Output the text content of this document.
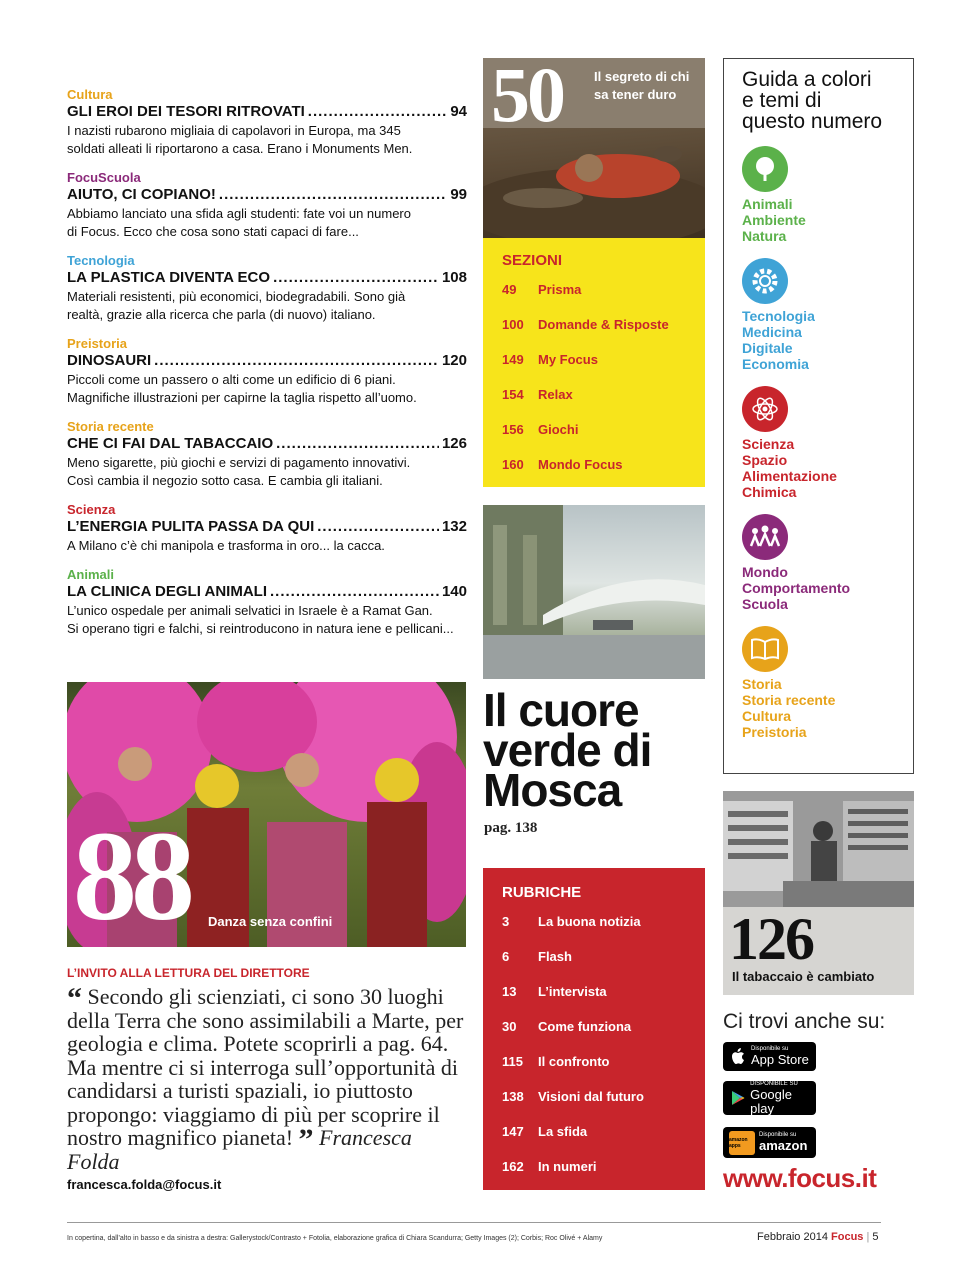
Cultura
GLI EROI DEI TESORI RITROVATI .....	94
I nazisti rubarono migliaia di capolavori in Europa, ma 345
soldati alleati li riportarono a casa. Erano i Monuments Men.
FocuScuola
AIUTO, CI COPIANO! .....	99
Abbiamo lanciato una sfida agli studenti: fate voi un numero
di Focus. Ecco che cosa sono stati capaci di fare...
Tecnologia
LA PLASTICA DIVENTA ECO .....	108
Materiali resistenti, più economici, biodegradabili. Sono già
realtà, grazie alla ricerca che parla (di nuovo) italiano.
Preistoria
DINOSAURI .....	120
Piccoli come un passero o alti come un edificio di 6 piani.
Magnifiche illustrazioni per capirne la taglia rispetto all’uomo.
Storia recente
CHE CI FAI DAL TABACCAIO .....	126
Meno sigarette, più giochi e servizi di pagamento innovativi.
Così cambia il negozio sotto casa. E cambia gli italiani.
Scienza
L’ENERGIA PULITA PASSA DA QUI .....	132
A Milano c’è chi manipola e trasforma in oro... la cacca.
Animali
LA CLINICA DEGLI ANIMALI .....	140
L’unico ospedale per animali selvatici in Israele è a Ramat Gan.
Si operano tigri e falchi, si reintroducono in natura iene e pellicani...
88 Danza senza confini
L’INVITO ALLA LETTURA DEL DIRETTORE
“ Secondo gli scienziati, ci sono 30 luoghi della Terra che sono assimilabili a Marte, per geologia e clima. Potete scoprirli a pag. 64. Ma mentre ci si interroga sull’opportunità di candidarsi a turisti spaziali, io piuttosto propongo: viaggiamo di più per scoprire il nostro magnifico pianeta! ” Francesca Folda
francesca.folda@focus.it
50 Il segreto di chi sa tener duro
SEZIONI
49	Prisma
100	Domande & Risposte
149	My Focus
154	Relax
156	Giochi
160	Mondo Focus
Il cuore
verde di
Mosca
pag. 138
RUBRICHE
3	La buona notizia
6	Flash
13	L’intervista
30	Come funziona
115	Il confronto
138	Visioni dal futuro
147	La sfida
162	In numeri
Guida a colori
e temi di
questo numero
Animali
Ambiente
Natura
Tecnologia
Medicina
Digitale
Economia
Scienza
Spazio
Alimentazione
Chimica
Mondo
Comportamento
Scuola
Storia
Storia recente
Cultura
Preistoria
126
Il tabaccaio è cambiato
Ci trovi anche su:
Disponibile su
App Store
DISPONIBILE SU
Google play
amazon apps
Disponibile su
amazon
www.focus.it
In copertina, dall’alto in basso e da sinistra a destra: Gallerystock/Contrasto + Fotolia, elaborazione grafica di Chiara Scandurra; Getty Images (2); Corbis; Roc Olivé + Alamy	Febbraio 2014 Focus | 5
